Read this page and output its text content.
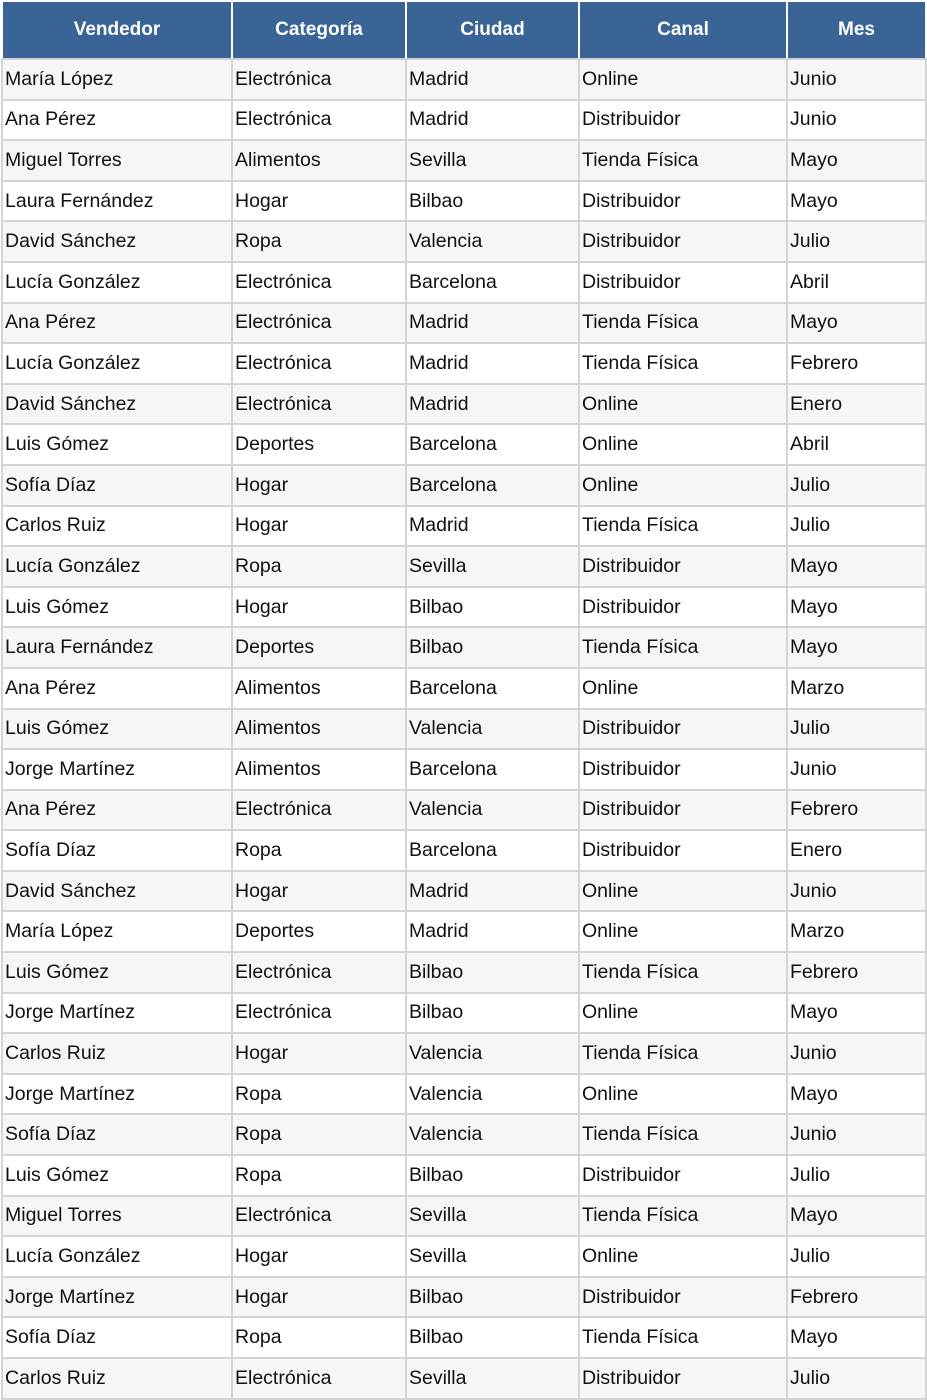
Vendedor	Categoría	Ciudad	Canal	Mes
María López	Electrónica	Madrid	Online	Junio
Ana Pérez	Electrónica	Madrid	Distribuidor	Junio
Miguel Torres	Alimentos	Sevilla	Tienda Física	Mayo
Laura Fernández	Hogar	Bilbao	Distribuidor	Mayo
David Sánchez	Ropa	Valencia	Distribuidor	Julio
Lucía González	Electrónica	Barcelona	Distribuidor	Abril
Ana Pérez	Electrónica	Madrid	Tienda Física	Mayo
Lucía González	Electrónica	Madrid	Tienda Física	Febrero
David Sánchez	Electrónica	Madrid	Online	Enero
Luis Gómez	Deportes	Barcelona	Online	Abril
Sofía Díaz	Hogar	Barcelona	Online	Julio
Carlos Ruiz	Hogar	Madrid	Tienda Física	Julio
Lucía González	Ropa	Sevilla	Distribuidor	Mayo
Luis Gómez	Hogar	Bilbao	Distribuidor	Mayo
Laura Fernández	Deportes	Bilbao	Tienda Física	Mayo
Ana Pérez	Alimentos	Barcelona	Online	Marzo
Luis Gómez	Alimentos	Valencia	Distribuidor	Julio
Jorge Martínez	Alimentos	Barcelona	Distribuidor	Junio
Ana Pérez	Electrónica	Valencia	Distribuidor	Febrero
Sofía Díaz	Ropa	Barcelona	Distribuidor	Enero
David Sánchez	Hogar	Madrid	Online	Junio
María López	Deportes	Madrid	Online	Marzo
Luis Gómez	Electrónica	Bilbao	Tienda Física	Febrero
Jorge Martínez	Electrónica	Bilbao	Online	Mayo
Carlos Ruiz	Hogar	Valencia	Tienda Física	Junio
Jorge Martínez	Ropa	Valencia	Online	Mayo
Sofía Díaz	Ropa	Valencia	Tienda Física	Junio
Luis Gómez	Ropa	Bilbao	Distribuidor	Julio
Miguel Torres	Electrónica	Sevilla	Tienda Física	Mayo
Lucía González	Hogar	Sevilla	Online	Julio
Jorge Martínez	Hogar	Bilbao	Distribuidor	Febrero
Sofía Díaz	Ropa	Bilbao	Tienda Física	Mayo
Carlos Ruiz	Electrónica	Sevilla	Distribuidor	Julio
